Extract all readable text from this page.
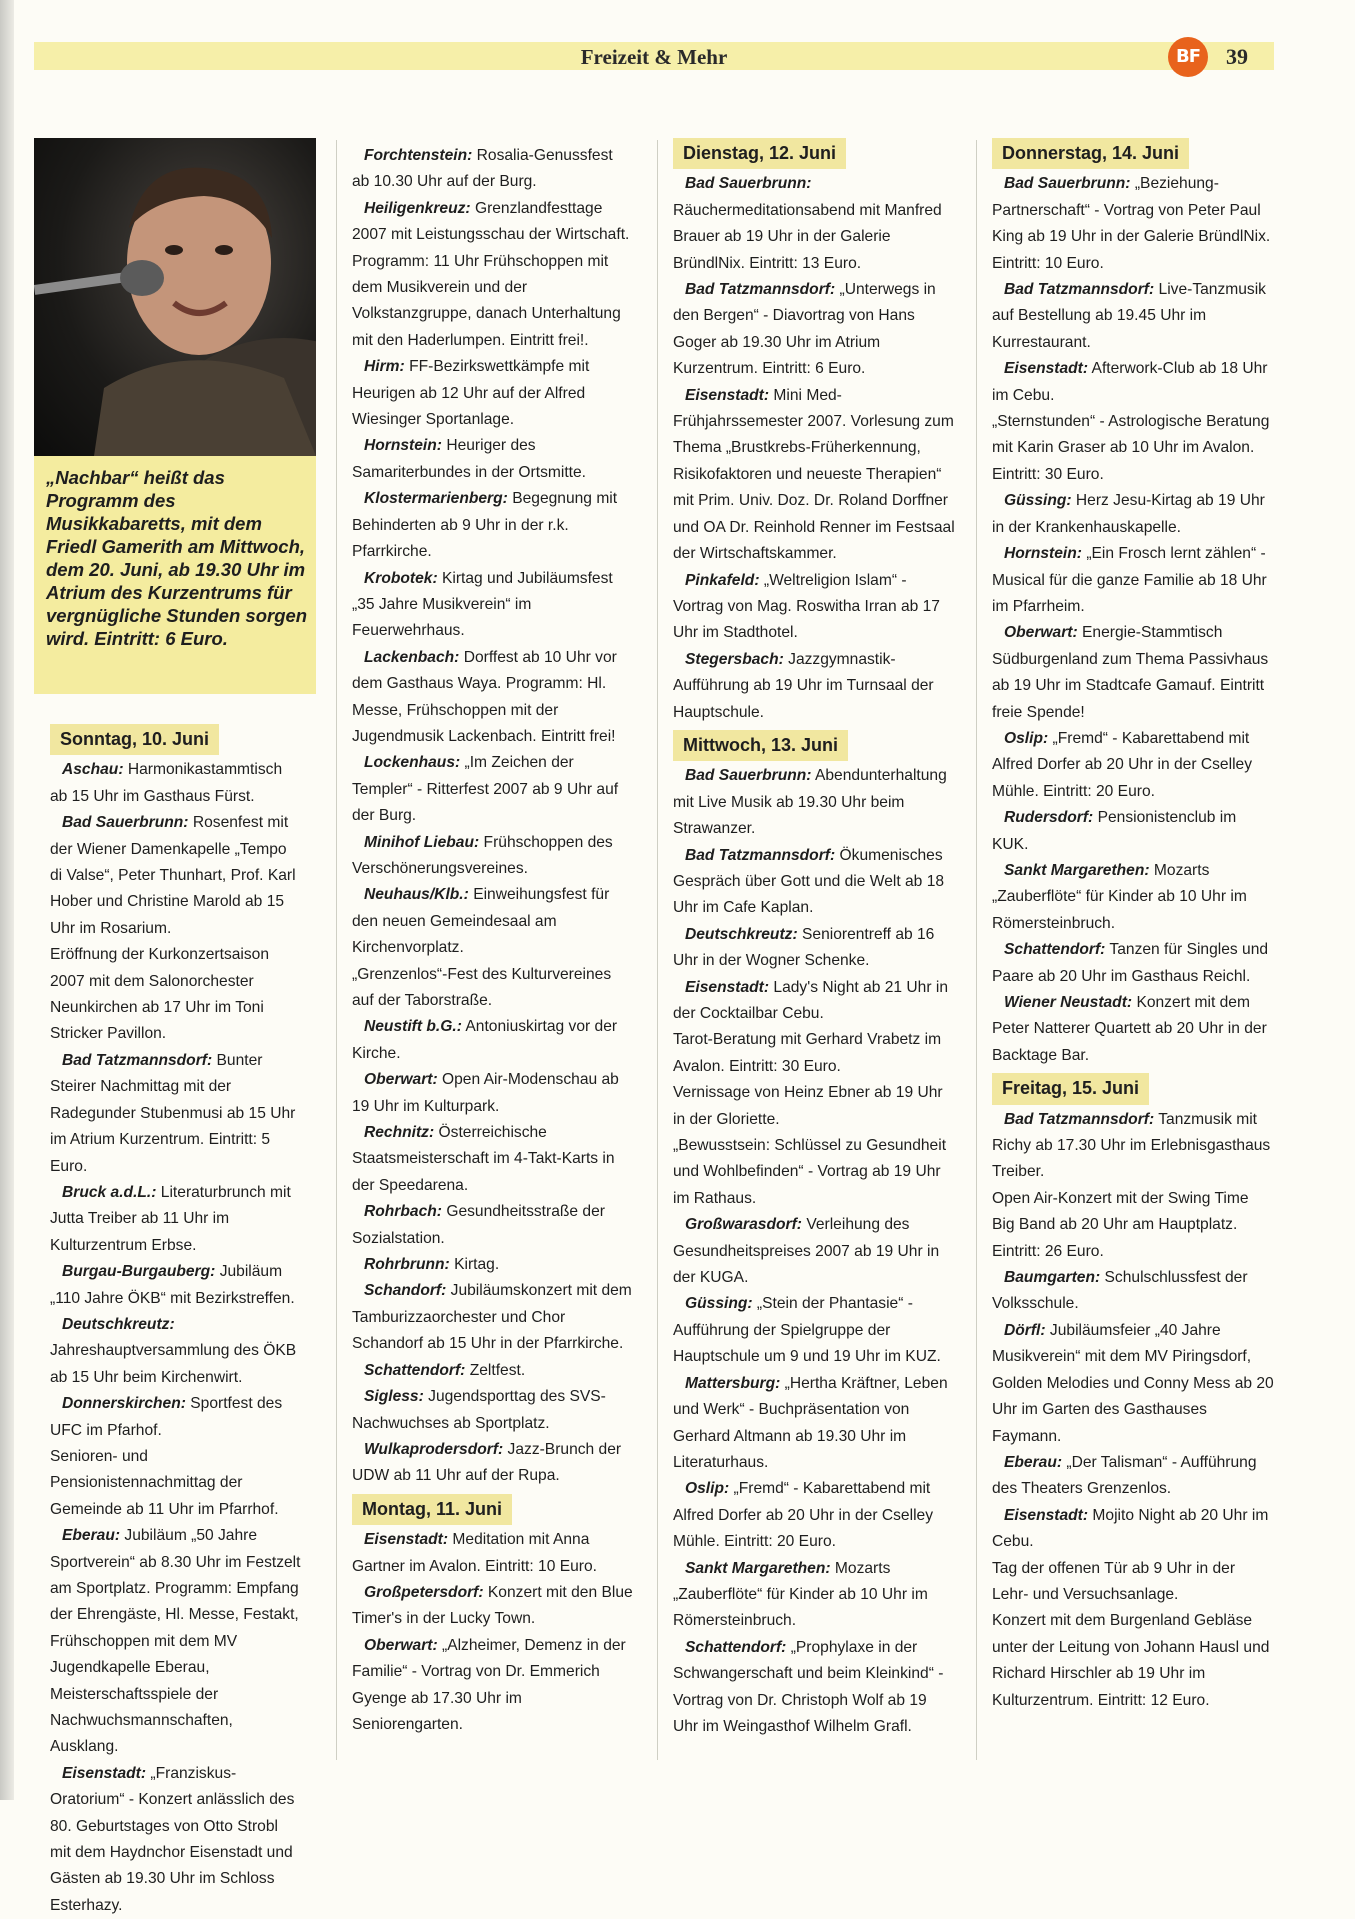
Freizeit & Mehr	BF	39
„Nachbar“ heißt das Programm des Musikkabaretts, mit dem Friedl Gamerith am Mittwoch, dem 20. Juni, ab 19.30 Uhr im Atrium des Kurzentrums für vergnügliche Stunden sorgen wird. Eintritt: 6 Euro.

Sonntag, 10. Juni

Aschau: Harmonikastammtisch ab 15 Uhr im Gasthaus Fürst.

Bad Sauerbrunn: Rosenfest mit der Wiener Damenkapelle „Tempo di Valse“, Peter Thunhart, Prof. Karl Hober und Christine Marold ab 15 Uhr im Rosarium.

Eröffnung der Kurkonzertsaison 2007 mit dem Salonorchester Neunkirchen ab 17 Uhr im Toni Stricker Pavillon.

Bad Tatzmannsdorf: Bunter Steirer Nachmittag mit der Radegunder Stubenmusi ab 15 Uhr im Atrium Kurzentrum. Eintritt: 5 Euro.

Bruck a.d.L.: Literaturbrunch mit Jutta Treiber ab 11 Uhr im Kulturzentrum Erbse.

Burgau-Burgauberg: Jubiläum „110 Jahre ÖKB“ mit Bezirkstreffen.

Deutschkreutz: Jahreshauptversammlung des ÖKB ab 15 Uhr beim Kirchenwirt.

Donnerskirchen: Sportfest des UFC im Pfarhof.

Senioren- und Pensionistennachmittag der Gemeinde ab 11 Uhr im Pfarrhof.

Eberau: Jubiläum „50 Jahre Sportverein“ ab 8.30 Uhr im Festzelt am Sportplatz. Programm: Empfang der Ehrengäste, Hl. Messe, Festakt, Frühschoppen mit dem MV Jugendkapelle Eberau, Meisterschaftsspiele der Nachwuchsmannschaften, Ausklang.

Eisenstadt: „Franziskus-Oratorium“ - Konzert anlässlich des 80. Geburtstages von Otto Strobl mit dem Haydnchor Eisenstadt und Gästen ab 19.30 Uhr im Schloss Esterhazy.

Forchtenstein: Rosalia-Genussfest ab 10.30 Uhr auf der Burg.

Heiligenkreuz: Grenzlandfesttage 2007 mit Leistungsschau der Wirtschaft. Programm: 11 Uhr Frühschoppen mit dem Musikverein und der Volkstanzgruppe, danach Unterhaltung mit den Haderlumpen. Eintritt frei!.

Hirm: FF-Bezirkswettkämpfe mit Heurigen ab 12 Uhr auf der Alfred Wiesinger Sportanlage.

Hornstein: Heuriger des Samariterbundes in der Ortsmitte.

Klostermarienberg: Begegnung mit Behinderten ab 9 Uhr in der r.k. Pfarrkirche.

Krobotek: Kirtag und Jubiläumsfest „35 Jahre Musikverein“ im Feuerwehrhaus.

Lackenbach: Dorffest ab 10 Uhr vor dem Gasthaus Waya. Programm: Hl. Messe, Frühschoppen mit der Jugendmusik Lackenbach. Eintritt frei!

Lockenhaus: „Im Zeichen der Templer“ - Ritterfest 2007 ab 9 Uhr auf der Burg.

Minihof Liebau: Frühschoppen des Verschönerungsvereines.

Neuhaus/Klb.: Einweihungsfest für den neuen Gemeindesaal am Kirchenvorplatz.

„Grenzenlos“-Fest des Kulturvereines auf der Taborstraße.

Neustift b.G.: Antoniuskirtag vor der Kirche.

Oberwart: Open Air-Modenschau ab 19 Uhr im Kulturpark.

Rechnitz: Österreichische Staatsmeisterschaft im 4-Takt-Karts in der Speedarena.

Rohrbach: Gesundheitsstraße der Sozialstation.

Rohrbrunn: Kirtag.

Schandorf: Jubiläumskonzert mit dem Tamburizzaorchester und Chor Schandorf ab 15 Uhr in der Pfarrkirche.

Schattendorf: Zeltfest.

Sigless: Jugendsporttag des SVS-Nachwuchses ab Sportplatz.

Wulkaprodersdorf: Jazz-Brunch der UDW ab 11 Uhr auf der Rupa.

Montag, 11. Juni

Eisenstadt: Meditation mit Anna Gartner im Avalon. Eintritt: 10 Euro.

Großpetersdorf: Konzert mit den Blue Timer's in der Lucky Town.

Oberwart: „Alzheimer, Demenz in der Familie“ - Vortrag von Dr. Emmerich Gyenge ab 17.30 Uhr im Seniorengarten.

Dienstag, 12. Juni

Bad Sauerbrunn: Räuchermeditationsabend mit Manfred Brauer ab 19 Uhr in der Galerie BründlNix. Eintritt: 13 Euro.

Bad Tatzmannsdorf: „Unterwegs in den Bergen“ - Diavortrag von Hans Goger ab 19.30 Uhr im Atrium Kurzentrum. Eintritt: 6 Euro.

Eisenstadt: Mini Med-Frühjahrssemester 2007. Vorlesung zum Thema „Brustkrebs-Früherkennung, Risikofaktoren und neueste Therapien“ mit Prim. Univ. Doz. Dr. Roland Dorffner und OA Dr. Reinhold Renner im Festsaal der Wirtschaftskammer.

Pinkafeld: „Weltreligion Islam“ - Vortrag von Mag. Roswitha Irran ab 17 Uhr im Stadthotel.

Stegersbach: Jazzgymnastik-Aufführung ab 19 Uhr im Turnsaal der Hauptschule.

Mittwoch, 13. Juni

Bad Sauerbrunn: Abendunterhaltung mit Live Musik ab 19.30 Uhr beim Strawanzer.

Bad Tatzmannsdorf: Ökumenisches Gespräch über Gott und die Welt ab 18 Uhr im Cafe Kaplan.

Deutschkreutz: Seniorentreff ab 16 Uhr in der Wogner Schenke.

Eisenstadt: Lady's Night ab 21 Uhr in der Cocktailbar Cebu.

Tarot-Beratung mit Gerhard Vrabetz im Avalon. Eintritt: 30 Euro.

Vernissage von Heinz Ebner ab 19 Uhr in der Gloriette.

„Bewusstsein: Schlüssel zu Gesundheit und Wohlbefinden“ - Vortrag ab 19 Uhr im Rathaus.

Großwarasdorf: Verleihung des Gesundheitspreises 2007 ab 19 Uhr in der KUGA.

Güssing: „Stein der Phantasie“ - Aufführung der Spielgruppe der Hauptschule um 9 und 19 Uhr im KUZ.

Mattersburg: „Hertha Kräftner, Leben und Werk“ - Buchpräsentation von Gerhard Altmann ab 19.30 Uhr im Literaturhaus.

Oslip: „Fremd“ - Kabarettabend mit Alfred Dorfer ab 20 Uhr in der Cselley Mühle. Eintritt: 20 Euro.

Sankt Margarethen: Mozarts „Zauberflöte“ für Kinder ab 10 Uhr im Römersteinbruch.

Schattendorf: „Prophylaxe in der Schwangerschaft und beim Kleinkind“ - Vortrag von Dr. Christoph Wolf ab 19 Uhr im Weingasthof Wilhelm Grafl.

Donnerstag, 14. Juni

Bad Sauerbrunn: „Beziehung-Partnerschaft“ - Vortrag von Peter Paul King ab 19 Uhr in der Galerie BründlNix. Eintritt: 10 Euro.

Bad Tatzmannsdorf: Live-Tanzmusik auf Bestellung ab 19.45 Uhr im Kurrestaurant.

Eisenstadt: Afterwork-Club ab 18 Uhr im Cebu.

„Sternstunden“ - Astrologische Beratung mit Karin Graser ab 10 Uhr im Avalon. Eintritt: 30 Euro.

Güssing: Herz Jesu-Kirtag ab 19 Uhr in der Krankenhauskapelle.

Hornstein: „Ein Frosch lernt zählen“ - Musical für die ganze Familie ab 18 Uhr im Pfarrheim.

Oberwart: Energie-Stammtisch Südburgenland zum Thema Passivhaus ab 19 Uhr im Stadtcafe Gamauf. Eintritt freie Spende!

Oslip: „Fremd“ - Kabarettabend mit Alfred Dorfer ab 20 Uhr in der Cselley Mühle. Eintritt: 20 Euro.

Rudersdorf: Pensionistenclub im KUK.

Sankt Margarethen: Mozarts „Zauberflöte“ für Kinder ab 10 Uhr im Römersteinbruch.

Schattendorf: Tanzen für Singles und Paare ab 20 Uhr im Gasthaus Reichl.

Wiener Neustadt: Konzert mit dem Peter Natterer Quartett ab 20 Uhr in der Backtage Bar.

Freitag, 15. Juni

Bad Tatzmannsdorf: Tanzmusik mit Richy ab 17.30 Uhr im Erlebnisgasthaus Treiber.

Open Air-Konzert mit der Swing Time Big Band ab 20 Uhr am Hauptplatz. Eintritt: 26 Euro.

Baumgarten: Schulschlussfest der Volksschule.

Dörfl: Jubiläumsfeier „40 Jahre Musikverein“ mit dem MV Piringsdorf, Golden Melodies und Conny Mess ab 20 Uhr im Garten des Gasthauses Faymann.

Eberau: „Der Talisman“ - Aufführung des Theaters Grenzenlos.

Eisenstadt: Mojito Night ab 20 Uhr im Cebu.

Tag der offenen Tür ab 9 Uhr in der Lehr- und Versuchsanlage.

Konzert mit dem Burgenland Gebläse unter der Leitung von Johann Hausl und Richard Hirschler ab 19 Uhr im Kulturzentrum. Eintritt: 12 Euro.
